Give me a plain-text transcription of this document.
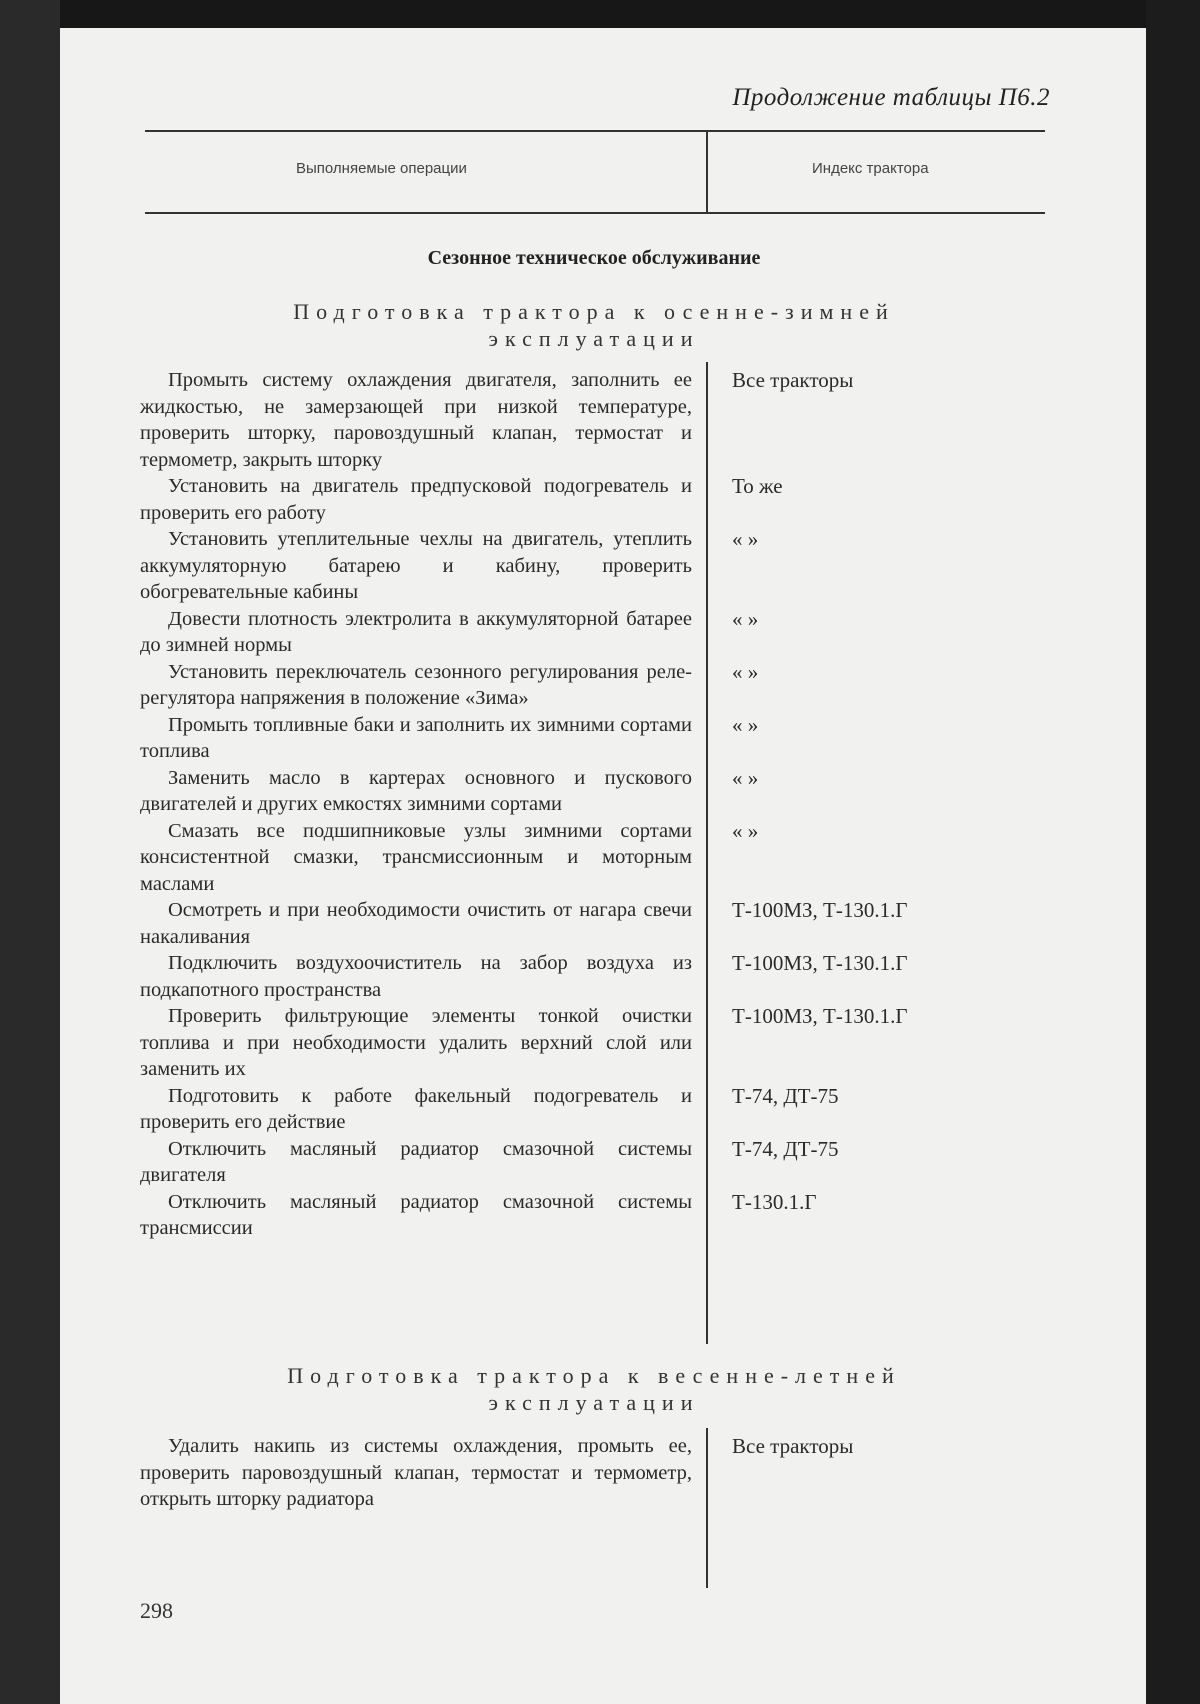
Продолжение таблицы П6.2
Выполняемые операции	Индекс трактора
Сезонное техническое обслуживание
Подготовка трактора к осенне-зимней
эксплуатации
Промыть систему охлаждения двигателя, заполнить ее жидкостью, не замерзающей при низкой температуре, проверить шторку, паровоздушный клапан, термостат и термометр, закрыть шторку
Все тракторы
Установить на двигатель предпусковой подогреватель и проверить его работу
То же
Установить утеплительные чехлы на двигатель, утеплить аккумуляторную батарею и кабину, проверить обогревательные кабины
« »
Довести плотность электролита в аккумуляторной батарее до зимней нормы
« »
Установить переключатель сезонного регулирования реле-регулятора напряжения в положение «Зима»
« »
Промыть топливные баки и заполнить их зимними сортами топлива
« »
Заменить масло в картерах основного и пускового двигателей и других емкостях зимними сортами
« »
Смазать все подшипниковые узлы зимними сортами консистентной смазки, трансмиссионным и моторным маслами
« »
Осмотреть и при необходимости очистить от нагара свечи накаливания
Т-100МЗ, Т-130.1.Г
Подключить воздухоочиститель на забор воздуха из подкапотного пространства
Т-100МЗ, Т-130.1.Г
Проверить фильтрующие элементы тонкой очистки топлива и при необходимости удалить верхний слой или заменить их
Т-100МЗ, Т-130.1.Г
Подготовить к работе факельный подогреватель и проверить его действие
Т-74, ДТ-75
Отключить масляный радиатор смазочной системы двигателя
Т-74, ДТ-75
Отключить масляный радиатор смазочной системы трансмиссии
Т-130.1.Г
Подготовка трактора к весенне-летней
эксплуатации
Удалить накипь из системы охлаждения, промыть ее, проверить паровоздушный клапан, термостат и термометр, открыть шторку радиатора
Все тракторы
298
